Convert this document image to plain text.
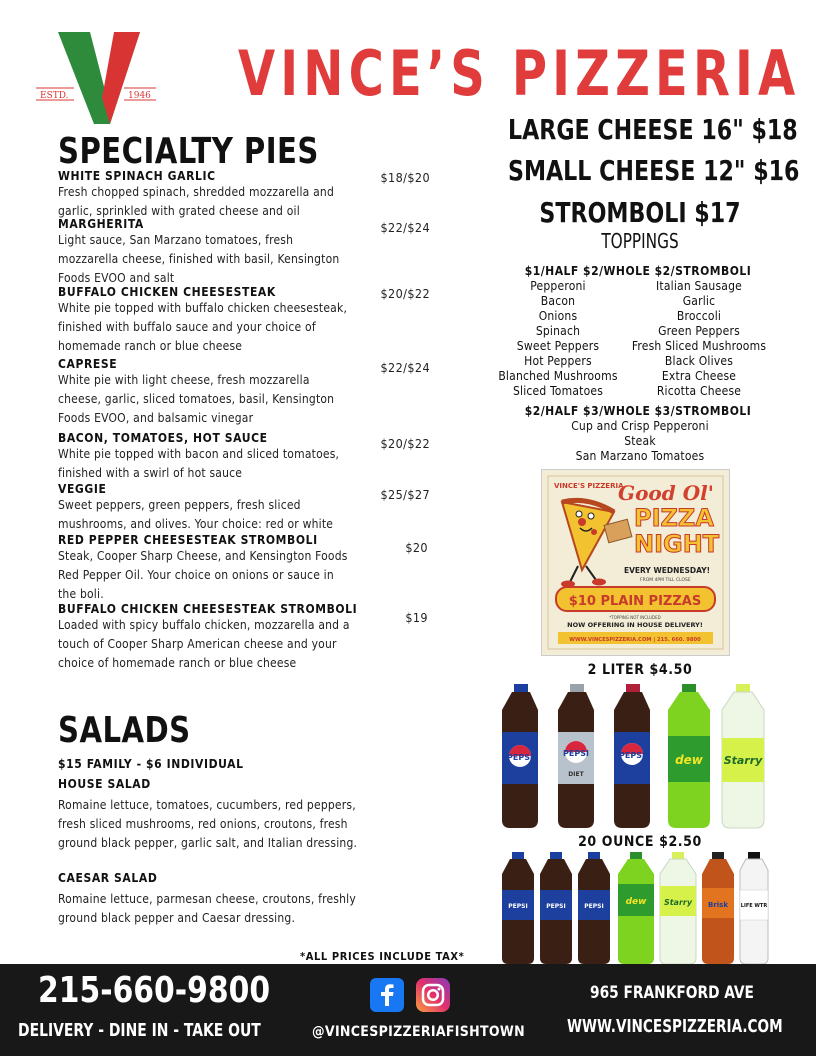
ESTD.	1946 VINCE’S PIZZERIA
SPECIALTY PIES
WHITE SPINACH GARLIC
Fresh chopped spinach, shredded mozzarella and garlic, sprinkled with grated cheese and oil
$18/$20
MARGHERITA
Light sauce, San Marzano tomatoes, fresh mozzarella cheese, finished with basil, Kensington Foods EVOO and salt
$22/$24
BUFFALO CHICKEN CHEESESTEAK
White pie topped with buffalo chicken cheesesteak, finished with buffalo sauce and your choice of homemade ranch or blue cheese
$20/$22
CAPRESE
White pie with light cheese, fresh mozzarella cheese, garlic, sliced tomatoes, basil, Kensington Foods EVOO, and balsamic vinegar
$22/$24
BACON, TOMATOES, HOT SAUCE
White pie topped with bacon and sliced tomatoes, finished with a swirl of hot sauce
$20/$22
VEGGIE
Sweet peppers, green peppers, fresh sliced mushrooms, and olives. Your choice: red or white
$25/$27
RED PEPPER CHEESESTEAK STROMBOLI
Steak, Cooper Sharp Cheese, and Kensington Foods Red Pepper Oil. Your choice on onions or sauce in the boli.
$20
BUFFALO CHICKEN CHEESESTEAK STROMBOLI
Loaded with spicy buffalo chicken, mozzarella and a touch of Cooper Sharp American cheese and your choice of homemade ranch or blue cheese
$19
SALADS
$15 FAMILY - $6 INDIVIDUAL
HOUSE SALAD
Romaine lettuce, tomatoes, cucumbers, red peppers, fresh sliced mushrooms, red onions, croutons, fresh ground black pepper, garlic salt, and Italian dressing.
CAESAR SALAD
Romaine lettuce, parmesan cheese, croutons, freshly ground black pepper and Caesar dressing.
LARGE CHEESE 16" $18
SMALL CHEESE 12" $16
STROMBOLI $17
TOPPINGS
$1/HALF $2/WHOLE $2/STROMBOLI
Pepperoni
Bacon
Onions
Spinach
Sweet Peppers
Hot Peppers
Blanched Mushrooms
Sliced Tomatoes
Italian Sausage
Garlic
Broccoli
Green Peppers
Fresh Sliced Mushrooms
Black Olives
Extra Cheese
Ricotta Cheese
$2/HALF $3/WHOLE $3/STROMBOLI
Cup and Crisp Pepperoni
Steak
San Marzano Tomatoes
VINCE'S PIZZERIA
Good Ol'
PIZZA
NIGHT
EVERY WEDNESDAY!
FROM 4PM TILL CLOSE
$10 PLAIN PIZZAS
*TOPPING NOT INCLUDED
NOW OFFERING IN HOUSE DELIVERY!
WWW.VINCESPIZZERIA.COM | 215. 660. 9800
2 LITER $4.50
PEPSI	PEPSI
DIET
PEPSI	dew Starry
20 OUNCE $2.50
PEPSI	PEPSI	PEPSI dew Starry Brisk	LIFE WTR
*ALL PRICES INCLUDE TAX*
215-660-9800
DELIVERY - DINE IN - TAKE OUT	@VINCESPIZZERIAFISHTOWN
965 FRANKFORD AVE
WWW.VINCESPIZZERIA.COM
